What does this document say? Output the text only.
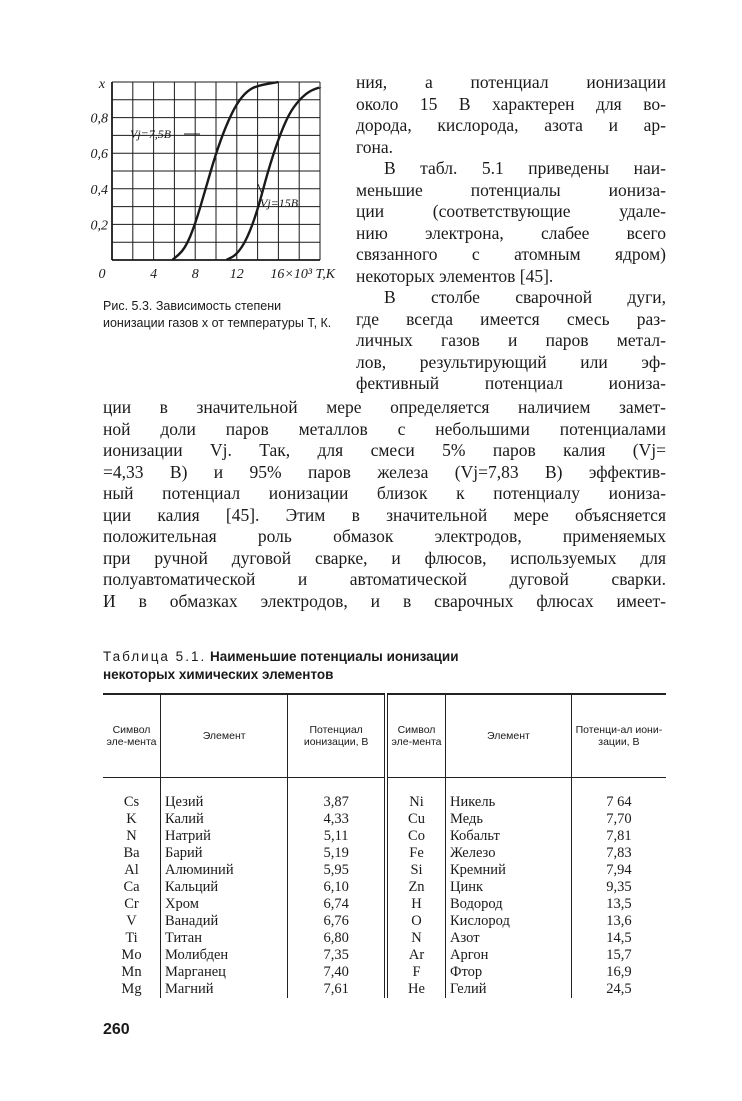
0,8
0,6
0,4
0,2
0	4 8 12 16×10³ T,K
x
Vj=7,5В
Vj=15В
Рис. 5.3. Зависимость степени ионизации газов x от температуры T, К.
ния, а потенциал ионизации
около 15 В характерен для во-
дорода, кислорода, азота и ар-
гона.
В табл. 5.1 приведены наи-
меньшие потенциалы иониза-
ции (соответствующие удале-
нию электрона, слабее всего
связанного с атомным ядром)
некоторых элементов [45].
В столбе сварочной дуги,
где всегда имеется смесь раз-
личных газов и паров метал-
лов, результирующий или эф-
фективный потенциал иониза-
ции в значительной мере определяется наличием замет-
ной доли паров металлов с небольшими потенциалами
ионизации Vj. Так, для смеси 5% паров калия (Vj=
=4,33 В) и 95% паров железа (Vj=7,83 В) эффектив-
ный потенциал ионизации близок к потенциалу иониза-
ции калия [45]. Этим в значительной мере объясняется
положительная роль обмазок электродов, применяемых
при ручной дуговой сварке, и флюсов, используемых для
полуавтоматической и автоматической дуговой сварки.
И в обмазках электродов, и в сварочных флюсах имеет-
Таблица 5.1. Наименьшие потенциалы ионизации
некоторых химических элементов
Символ эле-мента	Элемент	Потенциал ионизации, В	Символ эле-мента	Элемент	Потенци-ал иони-зации, В
Cs	Цезий	3,87	Ni	Никель	7 64
K	Калий	4,33	Cu	Медь	7,70
N	Натрий	5,11	Co	Кобальт	7,81
Ba	Барий	5,19	Fe	Железо	7,83
Al	Алюминий	5,95	Si	Кремний	7,94
Ca	Кальций	6,10	Zn	Цинк	9,35
Cr	Хром	6,74	H	Водород	13,5
V	Ванадий	6,76	O	Кислород	13,6
Ti	Титан	6,80	N	Азот	14,5
Mo	Молибден	7,35	Ar	Аргон	15,7
Mn	Марганец	7,40	F	Фтор	16,9
Mg	Магний	7,61	He	Гелий	24,5
260
